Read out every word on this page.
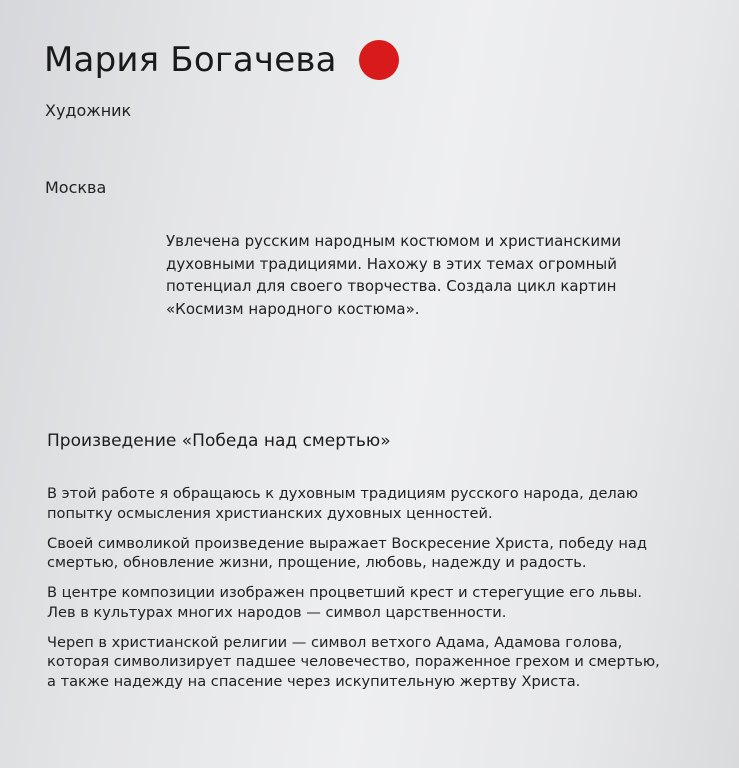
Мария Богачева
Художник
Москва

Увлечена русским народным костюмом и христианскими

духовными традициями. Нахожу в этих темах огромный

потенциал для своего творчества. Создала цикл картин

«Космизм народного костюма».

Произведение «Победа над смертью»

В этой работе я обращаюсь к духовным традициям русского народа, делаю
попытку осмысления христианских духовных ценностей.

Своей символикой произведение выражает Воскресение Христа, победу над
смертью, обновление жизни, прощение, любовь, надежду и радость.

В центре композиции изображен процветший крест и стерегущие его львы.
Лев в культурах многих народов — символ царственности.

Череп в христианской религии — символ ветхого Адама, Адамова голова,
которая символизирует падшее человечество, пораженное грехом и смертью,
а также надежду на спасение через искупительную жертву Христа.
